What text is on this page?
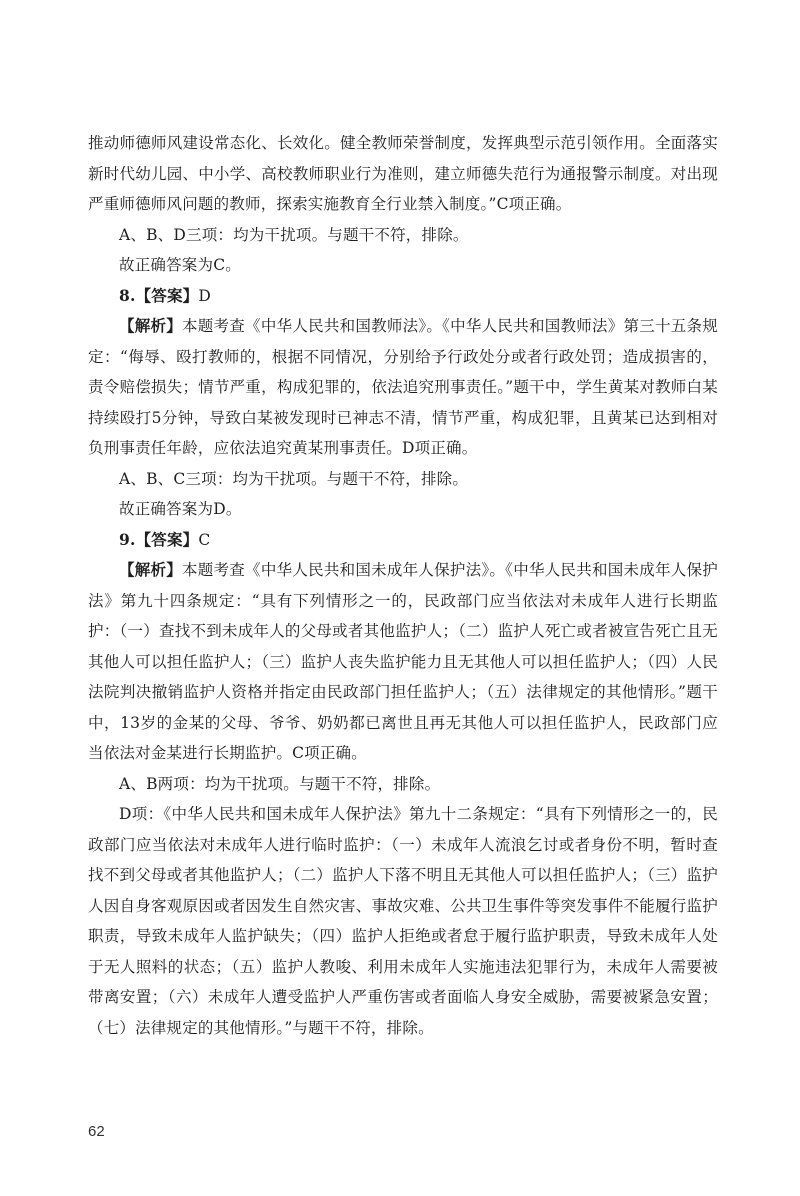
推动师德师风建设常态化、长效化。健全教师荣誉制度，发挥典型示范引领作用。全面落实新时代幼儿园、中小学、高校教师职业行为准则，建立师德失范行为通报警示制度。对出现严重师德师风问题的教师，探索实施教育全行业禁入制度。”C项正确。

A、B、D三项：均为干扰项。与题干不符，排除。

故正确答案为C。

8.【答案】D

【解析】本题考查《中华人民共和国教师法》。《中华人民共和国教师法》第三十五条规定：“侮辱、殴打教师的，根据不同情况，分别给予行政处分或者行政处罚；造成损害的，责令赔偿损失；情节严重，构成犯罪的，依法追究刑事责任。”题干中，学生黄某对教师白某持续殴打5分钟，导致白某被发现时已神志不清，情节严重，构成犯罪，且黄某已达到相对负刑事责任年龄，应依法追究黄某刑事责任。D项正确。

A、B、C三项：均为干扰项。与题干不符，排除。

故正确答案为D。

9.【答案】C

【解析】本题考查《中华人民共和国未成年人保护法》。《中华人民共和国未成年人保护法》第九十四条规定：“具有下列情形之一的，民政部门应当依法对未成年人进行长期监护：（一）查找不到未成年人的父母或者其他监护人；（二）监护人死亡或者被宣告死亡且无其他人可以担任监护人；（三）监护人丧失监护能力且无其他人可以担任监护人；（四）人民法院判决撤销监护人资格并指定由民政部门担任监护人；（五）法律规定的其他情形。”题干中，13岁的金某的父母、爷爷、奶奶都已离世且再无其他人可以担任监护人，民政部门应当依法对金某进行长期监护。C项正确。

A、B两项：均为干扰项。与题干不符，排除。

D项：《中华人民共和国未成年人保护法》第九十二条规定：“具有下列情形之一的，民政部门应当依法对未成年人进行临时监护：（一）未成年人流浪乞讨或者身份不明，暂时查找不到父母或者其他监护人；（二）监护人下落不明且无其他人可以担任监护人；（三）监护人因自身客观原因或者因发生自然灾害、事故灾难、公共卫生事件等突发事件不能履行监护职责，导致未成年人监护缺失；（四）监护人拒绝或者怠于履行监护职责，导致未成年人处于无人照料的状态；（五）监护人教唆、利用未成年人实施违法犯罪行为，未成年人需要被带离安置；（六）未成年人遭受监护人严重伤害或者面临人身安全威胁，需要被紧急安置；（七）法律规定的其他情形。”与题干不符，排除。

62
